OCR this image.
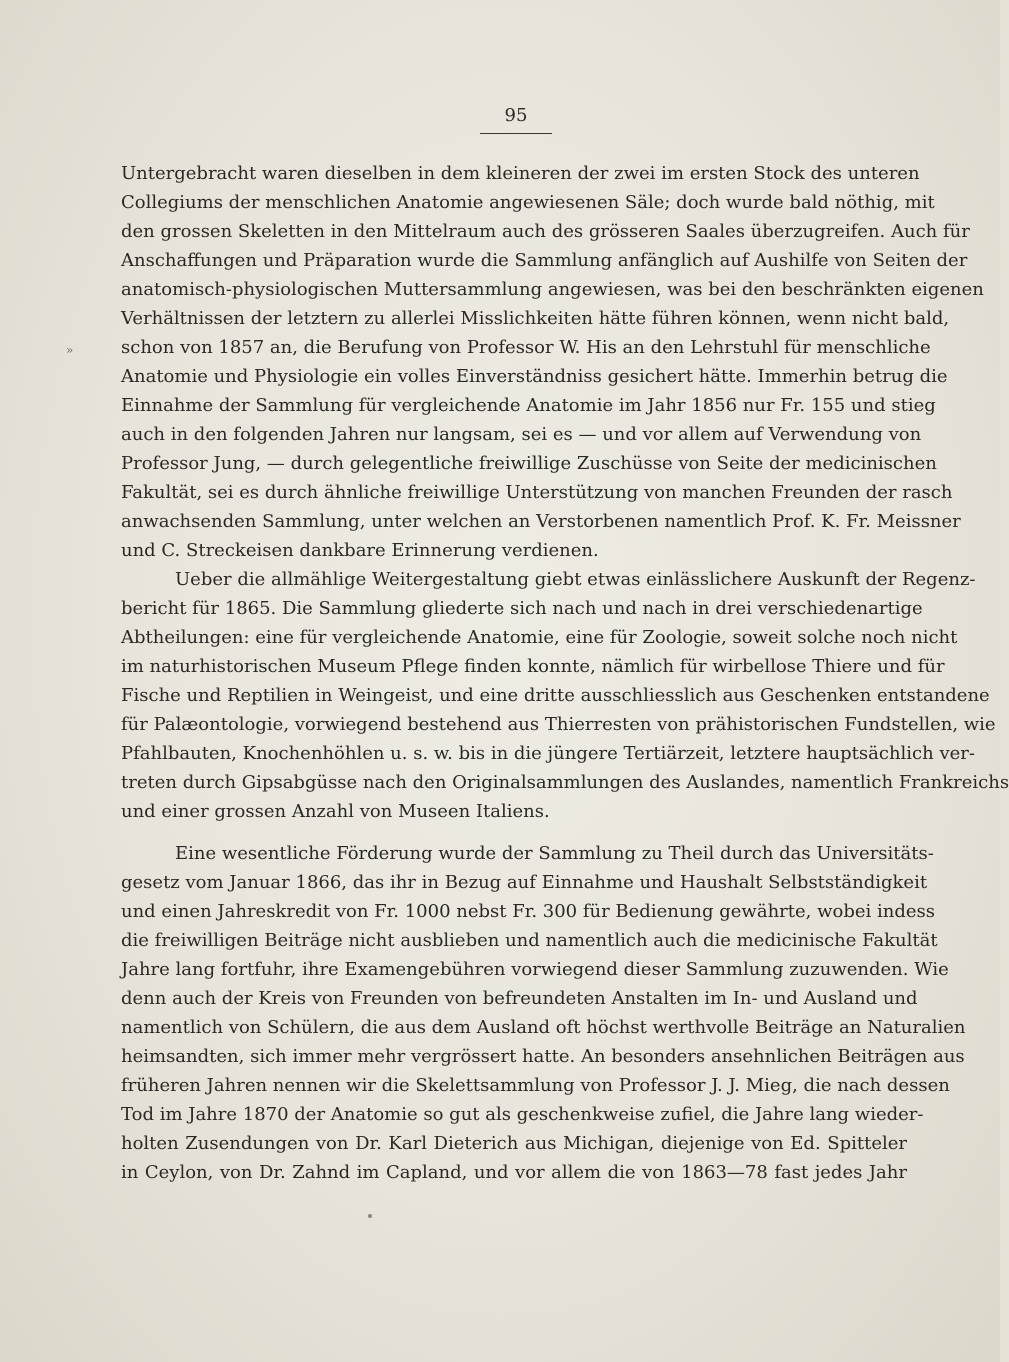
95
»
Untergebracht waren dieselben in dem kleineren der zwei im ersten Stock des unteren
Collegiums der menschlichen Anatomie angewiesenen Säle; doch wurde bald nöthig, mit
den grossen Skeletten in den Mittelraum auch des grösseren Saales überzugreifen. Auch für
Anschaffungen und Präparation wurde die Sammlung anfänglich auf Aushilfe von Seiten der
anatomisch-physiologischen Muttersammlung angewiesen, was bei den beschränkten eigenen
Verhältnissen der letztern zu allerlei Misslichkeiten hätte führen können, wenn nicht bald,
schon von 1857 an, die Berufung von Professor W. His an den Lehrstuhl für menschliche
Anatomie und Physiologie ein volles Einverständniss gesichert hätte. Immerhin betrug die
Einnahme der Sammlung für vergleichende Anatomie im Jahr 1856 nur Fr. 155 und stieg
auch in den folgenden Jahren nur langsam, sei es — und vor allem auf Verwendung von
Professor Jung, — durch gelegentliche freiwillige Zuschüsse von Seite der medicinischen
Fakultät, sei es durch ähnliche freiwillige Unterstützung von manchen Freunden der rasch
anwachsenden Sammlung, unter welchen an Verstorbenen namentlich Prof. K. Fr. Meissner
und C. Streckeisen dankbare Erinnerung verdienen.
Ueber die allmählige Weitergestaltung giebt etwas einlässlichere Auskunft der Regenz-
bericht für 1865. Die Sammlung gliederte sich nach und nach in drei verschiedenartige
Abtheilungen: eine für vergleichende Anatomie, eine für Zoologie, soweit solche noch nicht
im naturhistorischen Museum Pflege finden konnte, nämlich für wirbellose Thiere und für
Fische und Reptilien in Weingeist, und eine dritte ausschliesslich aus Geschenken entstandene
für Palæontologie, vorwiegend bestehend aus Thierresten von prähistorischen Fundstellen, wie
Pfahlbauten, Knochenhöhlen u. s. w. bis in die jüngere Tertiärzeit, letztere hauptsächlich ver-
treten durch Gipsabgüsse nach den Originalsammlungen des Auslandes, namentlich Frankreichs
und einer grossen Anzahl von Museen Italiens.
Eine wesentliche Förderung wurde der Sammlung zu Theil durch das Universitäts-
gesetz vom Januar 1866, das ihr in Bezug auf Einnahme und Haushalt Selbstständigkeit
und einen Jahreskredit von Fr. 1000 nebst Fr. 300 für Bedienung gewährte, wobei indess
die freiwilligen Beiträge nicht ausblieben und namentlich auch die medicinische Fakultät
Jahre lang fortfuhr, ihre Examengebühren vorwiegend dieser Sammlung zuzuwenden. Wie
denn auch der Kreis von Freunden von befreundeten Anstalten im In- und Ausland und
namentlich von Schülern, die aus dem Ausland oft höchst werthvolle Beiträge an Naturalien
heimsandten, sich immer mehr vergrössert hatte. An besonders ansehnlichen Beiträgen aus
früheren Jahren nennen wir die Skelettsammlung von Professor J. J. Mieg, die nach dessen
Tod im Jahre 1870 der Anatomie so gut als geschenkweise zufiel, die Jahre lang wieder-
holten Zusendungen von Dr. Karl Dieterich aus Michigan, diejenige von Ed. Spitteler
in Ceylon, von Dr. Zahnd im Capland, und vor allem die von 1863—78 fast jedes Jahr
